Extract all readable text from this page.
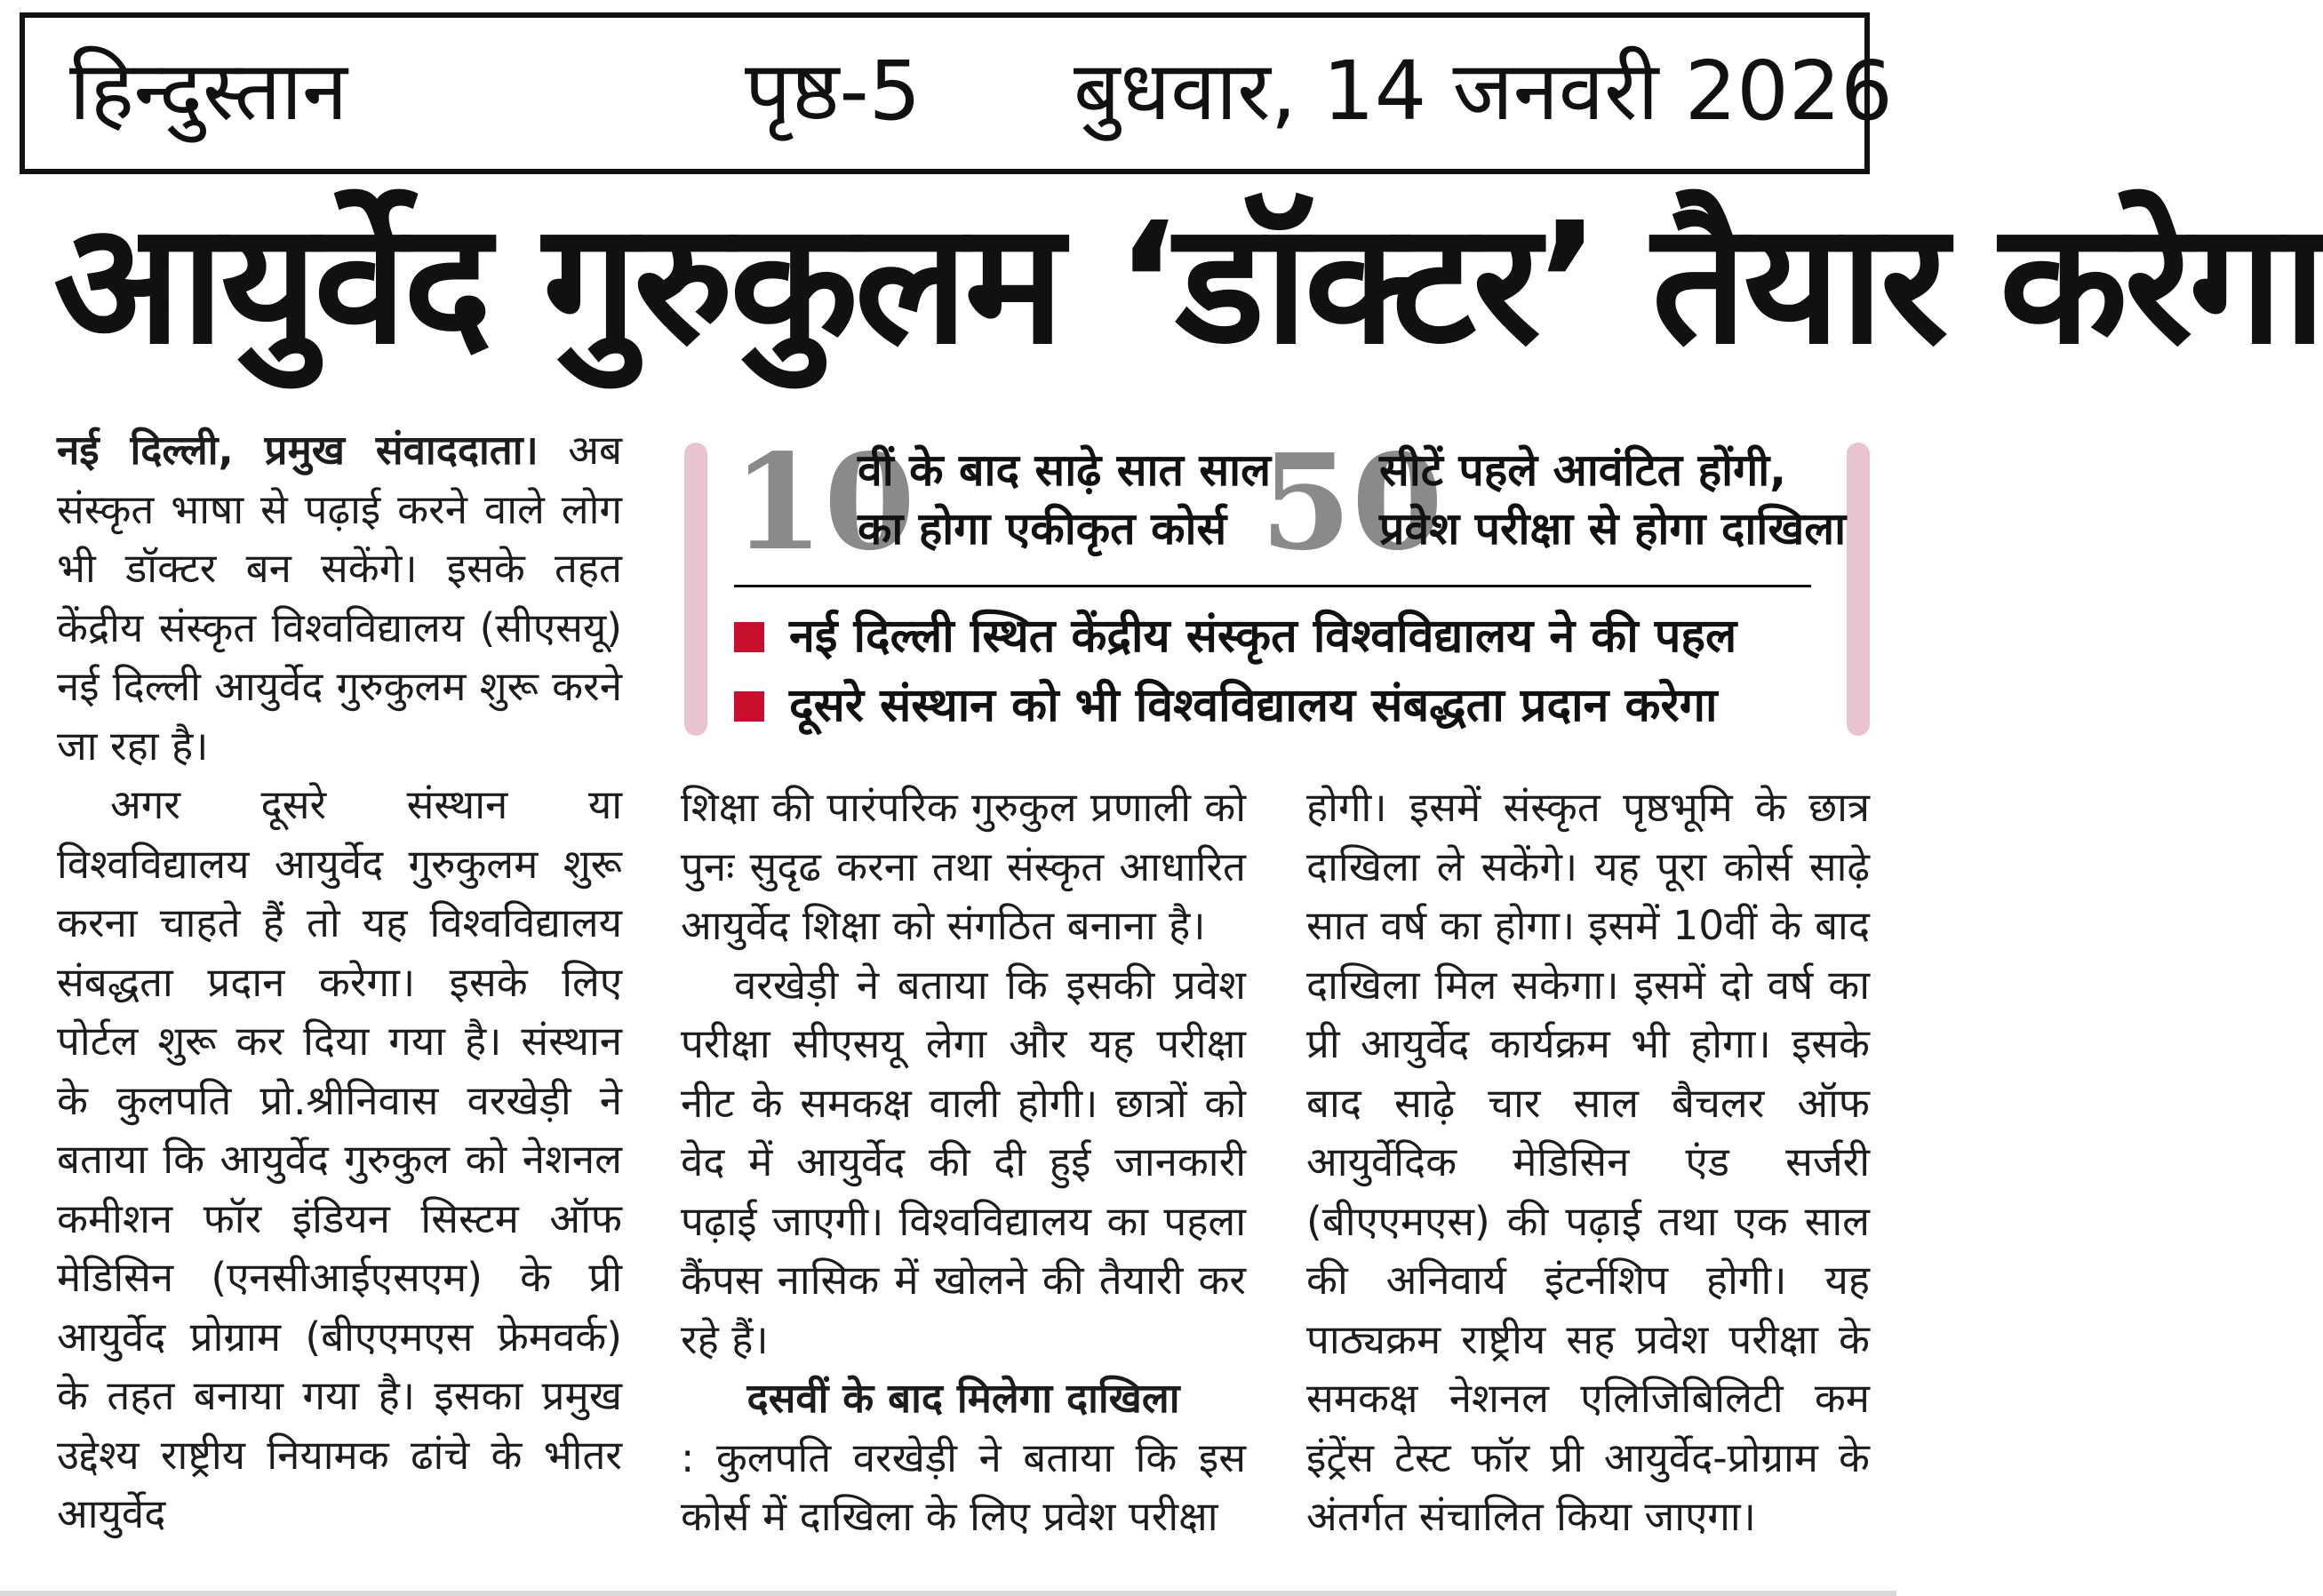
हिन्दुस्तान	पृष्ठ-5 बुधवार, 14 जनवरी 2026
आयुर्वेद गुरुकुलम ‘डॉक्टर’ तैयार करेगा

नई दिल्ली, प्रमुख संवाददाता। अब संस्कृत भाषा से पढ़ाई करने वाले लोग भी डॉक्टर बन सकेंगे। इसके तहत केंद्रीय संस्कृत विश्वविद्यालय (सीएसयू) नई दिल्ली आयुर्वेद गुरुकुलम शुरू करने जा रहा है।

अगर दूसरे संस्थान या विश्वविद्यालय आयुर्वेद गुरुकुलम शुरू करना चाहते हैं तो यह विश्वविद्यालय संबद्धता प्रदान करेगा। इसके लिए पोर्टल शुरू कर दिया गया है। संस्थान के कुलपति प्रो.श्रीनिवास वरखेड़ी ने बताया कि आयुर्वेद गुरुकुल को नेशनल कमीशन फॉर इंडियन सिस्टम ऑफ मेडिसिन (एनसीआईएसएम) के प्री आयुर्वेद प्रोग्राम (बीएएमएस फ्रेमवर्क) के तहत बनाया गया है। इसका प्रमुख उद्देश्य राष्ट्रीय नियामक ढांचे के भीतर आयुर्वेद

10
वीं के बाद साढ़े सात साल
का होगा एकीकृत कोर्स 50
सीटें पहले आवंटित होंगी,
प्रवेश परीक्षा से होगा दाखिला
नई दिल्ली स्थित केंद्रीय संस्कृत विश्वविद्यालय ने की पहल
दूसरे संस्थान को भी विश्वविद्यालय संबद्धता प्रदान करेगा

शिक्षा की पारंपरिक गुरुकुल प्रणाली को पुनः सुदृढ करना तथा संस्कृत आधारित आयुर्वेद शिक्षा को संगठित बनाना है।

वरखेड़ी ने बताया कि इसकी प्रवेश परीक्षा सीएसयू लेगा और यह परीक्षा नीट के समकक्ष वाली होगी। छात्रों को वेद में आयुर्वेद की दी हुई जानकारी पढ़ाई जाएगी। विश्वविद्यालय का पहला कैंपस नासिक में खोलने की तैयारी कर रहे हैं।

दसवीं के बाद मिलेगा दाखिला

: कुलपति वरखेड़ी ने बताया कि इस कोर्स में दाखिला के लिए प्रवेश परीक्षा

होगी। इसमें संस्कृत पृष्ठभूमि के छात्र दाखिला ले सकेंगे। यह पूरा कोर्स साढ़े सात वर्ष का होगा। इसमें 10वीं के बाद दाखिला मिल सकेगा। इसमें दो वर्ष का प्री आयुर्वेद कार्यक्रम भी होगा। इसके बाद साढ़े चार साल बैचलर ऑफ आयुर्वेदिक मेडिसिन एंड सर्जरी (बीएएमएस) की पढ़ाई तथा एक साल की अनिवार्य इंटर्नशिप होगी। यह पाठ्यक्रम राष्ट्रीय सह प्रवेश परीक्षा के समकक्ष नेशनल एलिजिबिलिटी कम इंट्रेंस टेस्ट फॉर प्री आयुर्वेद-प्रोग्राम के अंतर्गत संचालित किया जाएगा।
